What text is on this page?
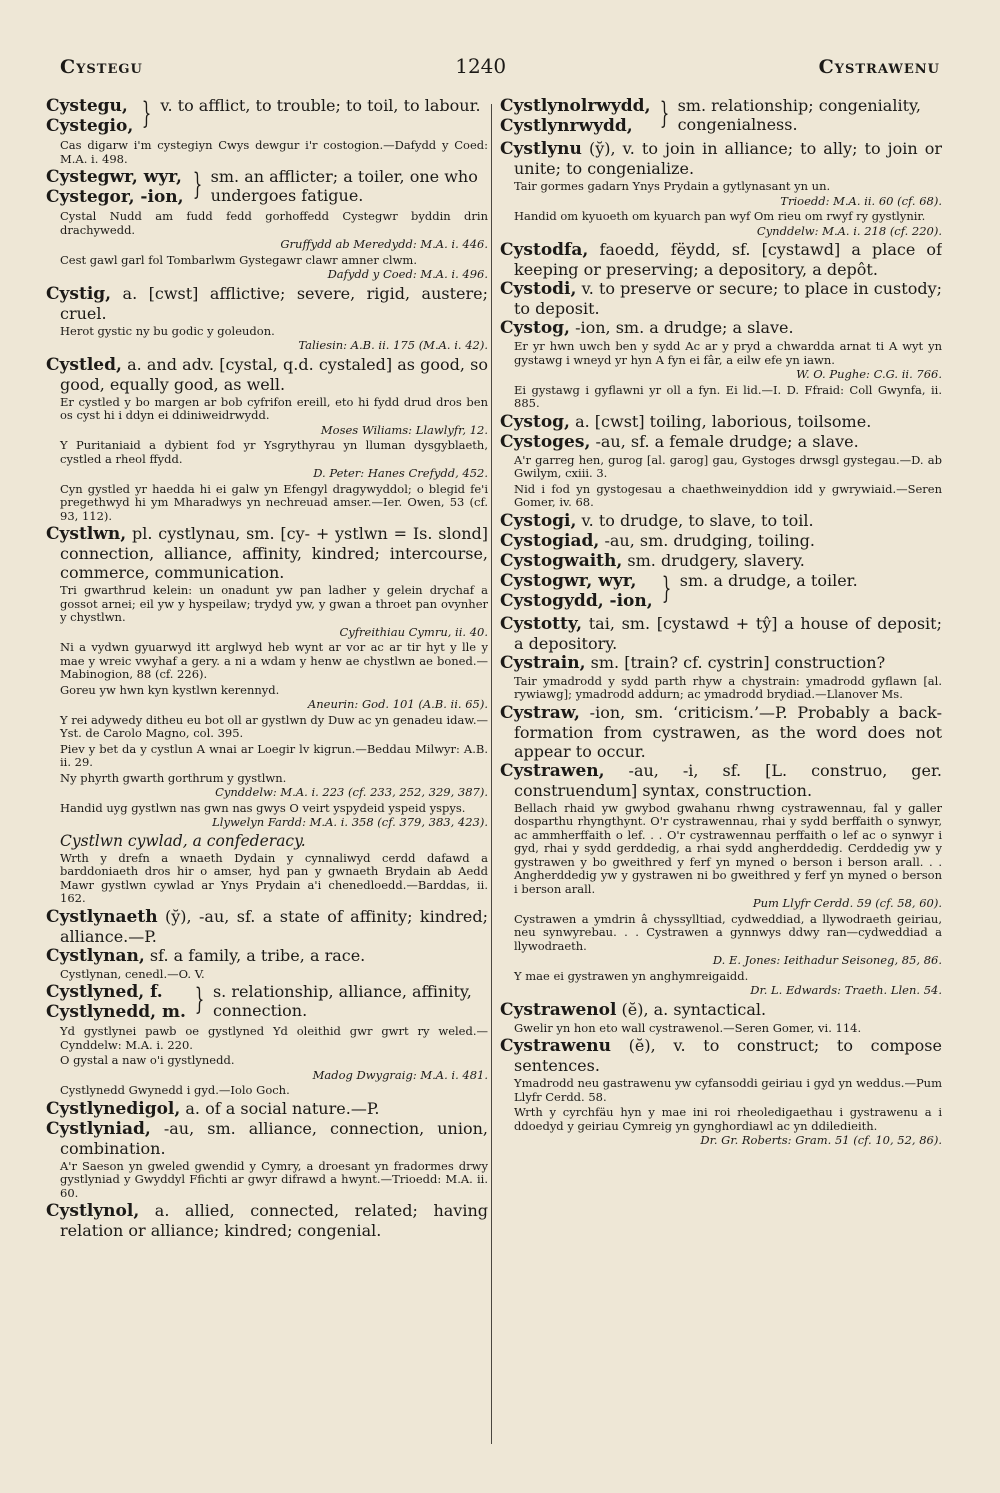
Cystegu	1240	Cystrawenu
Cystegu,
Cystegio, } v. to afflict, to trouble; to toil, to labour.

Cas digarw i'm cystegiyn Cwys dewgur i'r costogion.—Dafydd y Coed: M.A. i. 498.

Cystegwr, wyr,
Cystegor, -ion, } sm. an afflicter; a toiler, one who undergoes fatigue.

Cystal Nudd am fudd fedd gorhoffedd Cystegwr byddin drin drachywedd.

Gruffydd ab Meredydd: M.A. i. 446.

Cest gawl garl fol Tombarlwm Gystegawr clawr amner clwm.

Dafydd y Coed: M.A. i. 496.

Cystig, a. [cwst] afflictive; severe, rigid, austere; cruel.

Herot gystic ny bu godic y goleudon.

Taliesin: A.B. ii. 175 (M.A. i. 42).

Cystled, a. and adv. [cystal, q.d. cystaled] as good, so good, equally good, as well.

Er cystled y bo margen ar bob cyfrifon ereill, eto hi fydd drud dros ben os cyst hi i ddyn ei ddiniweidrwydd.

Moses Wiliams: Llawlyfr, 12.

Y Puritaniaid a dybient fod yr Ysgrythyrau yn lluman dysgyblaeth, cystled a rheol ffydd.

D. Peter: Hanes Crefydd, 452.

Cyn gystled yr haedda hi ei galw yn Efengyl dragywyddol; o blegid fe'i pregethwyd hi ym Mharadwys yn nechreuad amser.—Ier. Owen, 53 (cf. 93, 112).

Cystlwn, pl. cystlynau, sm. [cy- + ystlwn = Is. slond] connection, alliance, affinity, kindred; intercourse, commerce, communication.

Tri gwarthrud kelein: un onadunt yw pan ladher y gelein drychaf a gossot arnei; eil yw y hyspeilaw; trydyd yw, y gwan a throet pan ovynher y chystlwn.

Cyfreithiau Cymru, ii. 40.

Ni a vydwn gyuarwyd itt arglwyd heb wynt ar vor ac ar tir hyt y lle y mae y wreic vwyhaf a gery. a ni a wdam y henw ae chystlwn ae boned.—Mabinogion, 88 (cf. 226).

Goreu yw hwn kyn kystlwn kerennyd.

Aneurin: God. 101 (A.B. ii. 65).

Y rei adywedy ditheu eu bot oll ar gystlwn dy Duw ac yn genadeu idaw.—Yst. de Carolo Magno, col. 395.

Piev y bet da y cystlun A wnai ar Loegir lv kigrun.—Beddau Milwyr: A.B. ii. 29.

Ny phyrth gwarth gorthrum y gystlwn.

Cynddelw: M.A. i. 223 (cf. 233, 252, 329, 387).

Handid uyg gystlwn nas gwn nas gwys O veirt yspydeid yspeid yspys.

Llywelyn Fardd: M.A. i. 358 (cf. 379, 383, 423).

Cystlwn cywlad, a confederacy.

Wrth y drefn a wnaeth Dydain y cynnaliwyd cerdd dafawd a barddoniaeth dros hir o amser, hyd pan y gwnaeth Brydain ab Aedd Mawr gystlwn cywlad ar Ynys Prydain a'i chenedloedd.—Barddas, ii. 162.

Cystlynaeth (y̆), -au, sf. a state of affinity; kindred; alliance.—P.

Cystlynan, sf. a family, a tribe, a race.

Cystlynan, cenedl.—O. V.

Cystlyned, f.
Cystlynedd, m. } s. relationship, alliance, affinity, connection.

Yd gystlynei pawb oe gystlyned Yd oleithid gwr gwrt ry weled.—Cynddelw: M.A. i. 220.

O gystal a naw o'i gystlynedd.

Madog Dwygraig: M.A. i. 481.

Cystlynedd Gwynedd i gyd.—Iolo Goch.

Cystlynedigol, a. of a social nature.—P.

Cystlyniad, -au, sm. alliance, connection, union, combination.

A'r Saeson yn gweled gwendid y Cymry, a droesant yn fradormes drwy gystlyniad y Gwyddyl Ffichti ar gwyr difrawd a hwynt.—Trioedd: M.A. ii. 60.

Cystlynol, a. allied, connected, related; having relation or alliance; kindred; congenial.

Cystlynolrwydd,
Cystlynrwydd, } sm. relationship; congeniality, congenialness.

Cystlynu (y̆), v. to join in alliance; to ally; to join or unite; to congenialize.

Tair gormes gadarn Ynys Prydain a gytlynasant yn un.

Trioedd: M.A. ii. 60 (cf. 68).

Handid om kyuoeth om kyuarch pan wyf Om rieu om rwyf ry gystlynir.

Cynddelw: M.A. i. 218 (cf. 220).

Cystodfa, faoedd, fëydd, sf. [cystawd] a place of keeping or preserving; a depository, a depôt.

Cystodi, v. to preserve or secure; to place in custody; to deposit.

Cystog, -ion, sm. a drudge; a slave.

Er yr hwn uwch ben y sydd Ac ar y pryd a chwardda arnat ti A wyt yn gystawg i wneyd yr hyn A fyn ei fâr, a eilw efe yn iawn.

W. O. Pughe: C.G. ii. 766.

Ei gystawg i gyflawni yr oll a fyn. Ei lid.—I. D. Ffraid: Coll Gwynfa, ii. 885.

Cystog, a. [cwst] toiling, laborious, toilsome.

Cystoges, -au, sf. a female drudge; a slave.

A'r garreg hen, gurog [al. garog] gau, Gystoges drwsgl gystegau.—D. ab Gwilym, cxiii. 3.

Nid i fod yn gystogesau a chaethweinyddion idd y gwrywiaid.—Seren Gomer, iv. 68.

Cystogi, v. to drudge, to slave, to toil.

Cystogiad, -au, sm. drudging, toiling.

Cystogwaith, sm. drudgery, slavery.

Cystogwr, wyr,
Cystogydd, -ion, } sm. a drudge, a toiler.

Cystotty, tai, sm. [cystawd + tŷ] a house of deposit; a depository.

Cystrain, sm. [train? cf. cystrin] construction?

Tair ymadrodd y sydd parth rhyw a chystrain: ymadrodd gyflawn [al. rywiawg]; ymadrodd addurn; ac ymadrodd brydiad.—Llanover Ms.

Cystraw, -ion, sm. ‘criticism.’—P. Probably a back-formation from cystrawen, as the word does not appear to occur.

Cystrawen, -au, -i, sf. [L. construo, ger. construendum] syntax, construction.

Bellach rhaid yw gwybod gwahanu rhwng cystrawennau, fal y galler dosparthu rhyngthynt. O'r cystrawennau, rhai y sydd berffaith o synwyr, ac ammherffaith o lef. . . O'r cystrawennau perffaith o lef ac o synwyr i gyd, rhai y sydd gerddedig, a rhai sydd angherddedig. Cerddedig yw y gystrawen y bo gweithred y ferf yn myned o berson i berson arall. . . Angherddedig yw y gystrawen ni bo gweithred y ferf yn myned o berson i berson arall.

Pum Llyfr Cerdd. 59 (cf. 58, 60).

Cystrawen a ymdrin â chyssylltiad, cydweddiad, a llywodraeth geiriau, neu synwyrebau. . . Cystrawen a gynnwys ddwy ran—cydweddiad a llywodraeth.

D. E. Jones: Ieithadur Seisoneg, 85, 86.

Y mae ei gystrawen yn anghymreigaidd.

Dr. L. Edwards: Traeth. Llen. 54.

Cystrawenol (ĕ), a. syntactical.

Gwelir yn hon eto wall cystrawenol.—Seren Gomer, vi. 114.

Cystrawenu (ĕ), v. to construct; to compose sentences.

Ymadrodd neu gastrawenu yw cyfansoddi geiriau i gyd yn weddus.—Pum Llyfr Cerdd. 58.

Wrth y cyrchfäu hyn y mae ini roi rheoledigaethau i gystrawenu a i ddoedyd y geiriau Cymreig yn gynghordiawl ac yn ddiledieith.

Dr. Gr. Roberts: Gram. 51 (cf. 10, 52, 86).
